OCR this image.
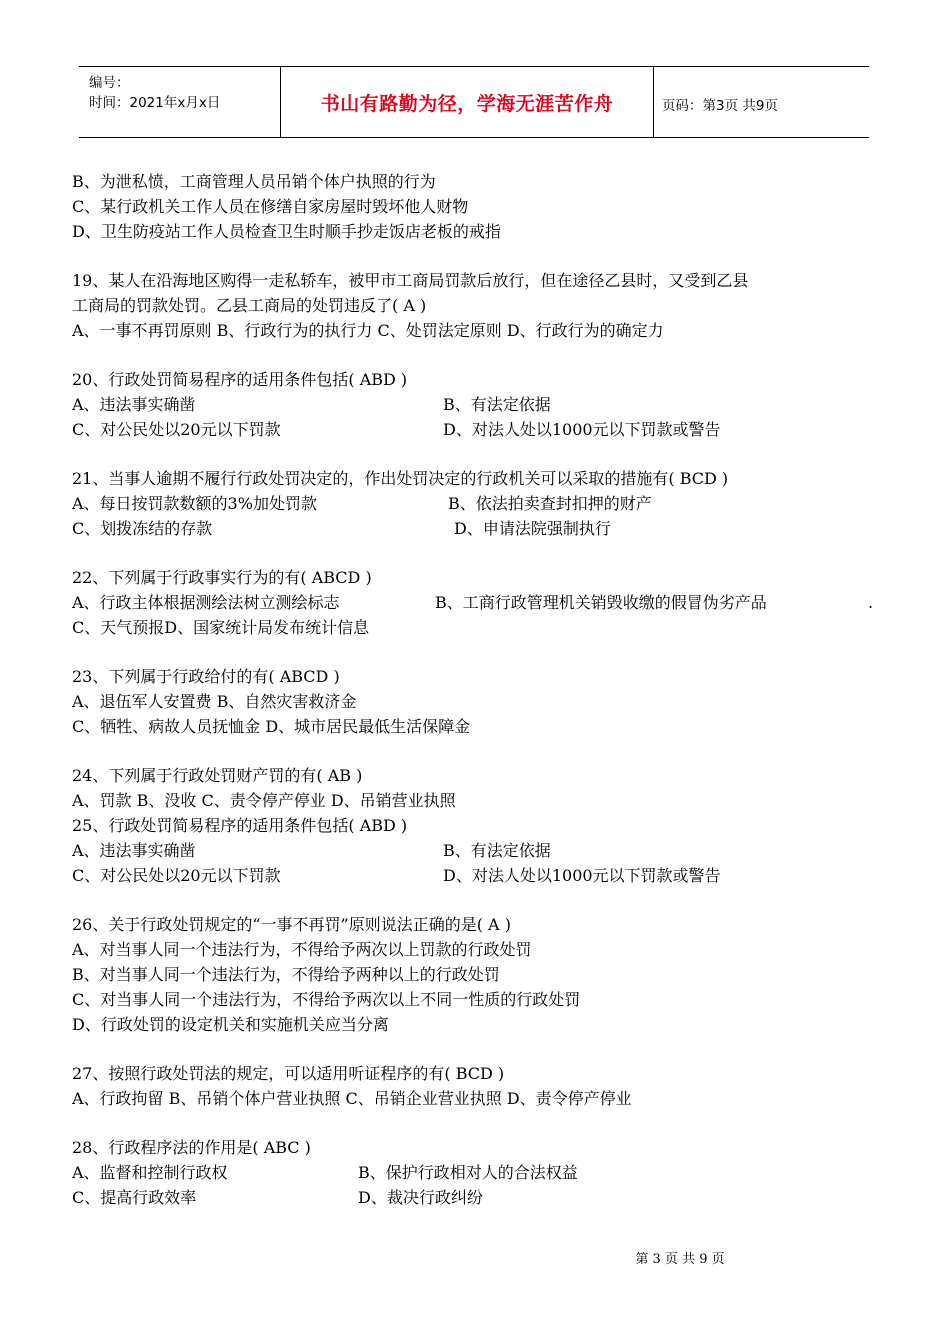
编号：
时间：2021年x月x日	书山有路勤为径，学海无涯苦作舟	页码：第3页 共9页
B、为泄私愤，工商管理人员吊销个体户执照的行为
C、某行政机关工作人员在修缮自家房屋时毁坏他人财物
D、卫生防疫站工作人员检查卫生时顺手抄走饭店老板的戒指
19、某人在沿海地区购得一走私轿车，被甲市工商局罚款后放行，但在途径乙县时，又受到乙县
工商局的罚款处罚。乙县工商局的处罚违反了( A )
A、一事不再罚原则 B、行政行为的执行力 C、处罚法定原则 D、行政行为的确定力
20、行政处罚简易程序的适用条件包括( ABD )
A、违法事实确凿	B、有法定依据
C、对公民处以20元以下罚款	D、对法人处以1000元以下罚款或警告
21、当事人逾期不履行行政处罚决定的，作出处罚决定的行政机关可以采取的措施有( BCD )
A、每日按罚款数额的3%加处罚款	B、依法拍卖查封扣押的财产
C、划拨冻结的存款	D、申请法院强制执行
22、下列属于行政事实行为的有( ABCD )
A、行政主体根据测绘法树立测绘标志	B、工商行政管理机关销毁收缴的假冒伪劣产品	.
C、天气预报D、国家统计局发布统计信息
23、下列属于行政给付的有( ABCD )
A、退伍军人安置费 B、自然灾害救济金
C、牺牲、病故人员抚恤金 D、城市居民最低生活保障金
24、下列属于行政处罚财产罚的有( AB )
A、罚款 B、没收 C、责令停产停业 D、吊销营业执照
25、行政处罚简易程序的适用条件包括( ABD )
A、违法事实确凿	B、有法定依据
C、对公民处以20元以下罚款	D、对法人处以1000元以下罚款或警告
26、关于行政处罚规定的“一事不再罚”原则说法正确的是( A )
A、对当事人同一个违法行为，不得给予两次以上罚款的行政处罚
B、对当事人同一个违法行为，不得给予两种以上的行政处罚
C、对当事人同一个违法行为，不得给予两次以上不同一性质的行政处罚
D、行政处罚的设定机关和实施机关应当分离
27、按照行政处罚法的规定，可以适用听证程序的有( BCD )
A、行政拘留 B、吊销个体户营业执照 C、吊销企业营业执照 D、责令停产停业
28、行政程序法的作用是( ABC )
A、监督和控制行政权	B、保护行政相对人的合法权益
C、提高行政效率	D、裁决行政纠纷
第 3 页 共 9 页
